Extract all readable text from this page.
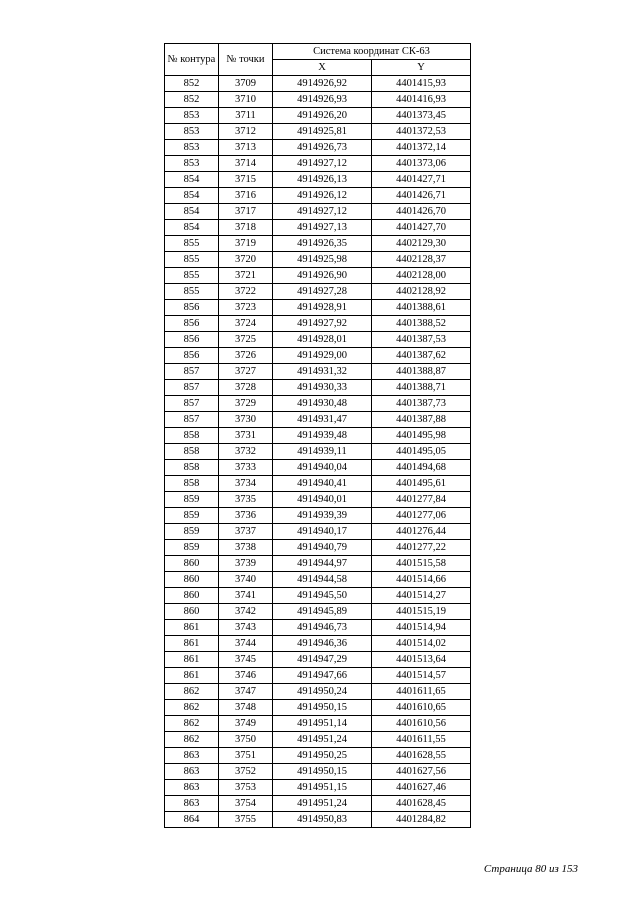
№ контура	№ точки	Система координат СК-63	
		X	Y
852	3709	4914926,92	4401415,93
852	3710	4914926,93	4401416,93
853	3711	4914926,20	4401373,45
853	3712	4914925,81	4401372,53
853	3713	4914926,73	4401372,14
853	3714	4914927,12	4401373,06
854	3715	4914926,13	4401427,71
854	3716	4914926,12	4401426,71
854	3717	4914927,12	4401426,70
854	3718	4914927,13	4401427,70
855	3719	4914926,35	4402129,30
855	3720	4914925,98	4402128,37
855	3721	4914926,90	4402128,00
855	3722	4914927,28	4402128,92
856	3723	4914928,91	4401388,61
856	3724	4914927,92	4401388,52
856	3725	4914928,01	4401387,53
856	3726	4914929,00	4401387,62
857	3727	4914931,32	4401388,87
857	3728	4914930,33	4401388,71
857	3729	4914930,48	4401387,73
857	3730	4914931,47	4401387,88
858	3731	4914939,48	4401495,98
858	3732	4914939,11	4401495,05
858	3733	4914940,04	4401494,68
858	3734	4914940,41	4401495,61
859	3735	4914940,01	4401277,84
859	3736	4914939,39	4401277,06
859	3737	4914940,17	4401276,44
859	3738	4914940,79	4401277,22
860	3739	4914944,97	4401515,58
860	3740	4914944,58	4401514,66
860	3741	4914945,50	4401514,27
860	3742	4914945,89	4401515,19
861	3743	4914946,73	4401514,94
861	3744	4914946,36	4401514,02
861	3745	4914947,29	4401513,64
861	3746	4914947,66	4401514,57
862	3747	4914950,24	4401611,65
862	3748	4914950,15	4401610,65
862	3749	4914951,14	4401610,56
862	3750	4914951,24	4401611,55
863	3751	4914950,25	4401628,55
863	3752	4914950,15	4401627,56
863	3753	4914951,15	4401627,46
863	3754	4914951,24	4401628,45
864	3755	4914950,83	4401284,82
Страница 80 из 153
